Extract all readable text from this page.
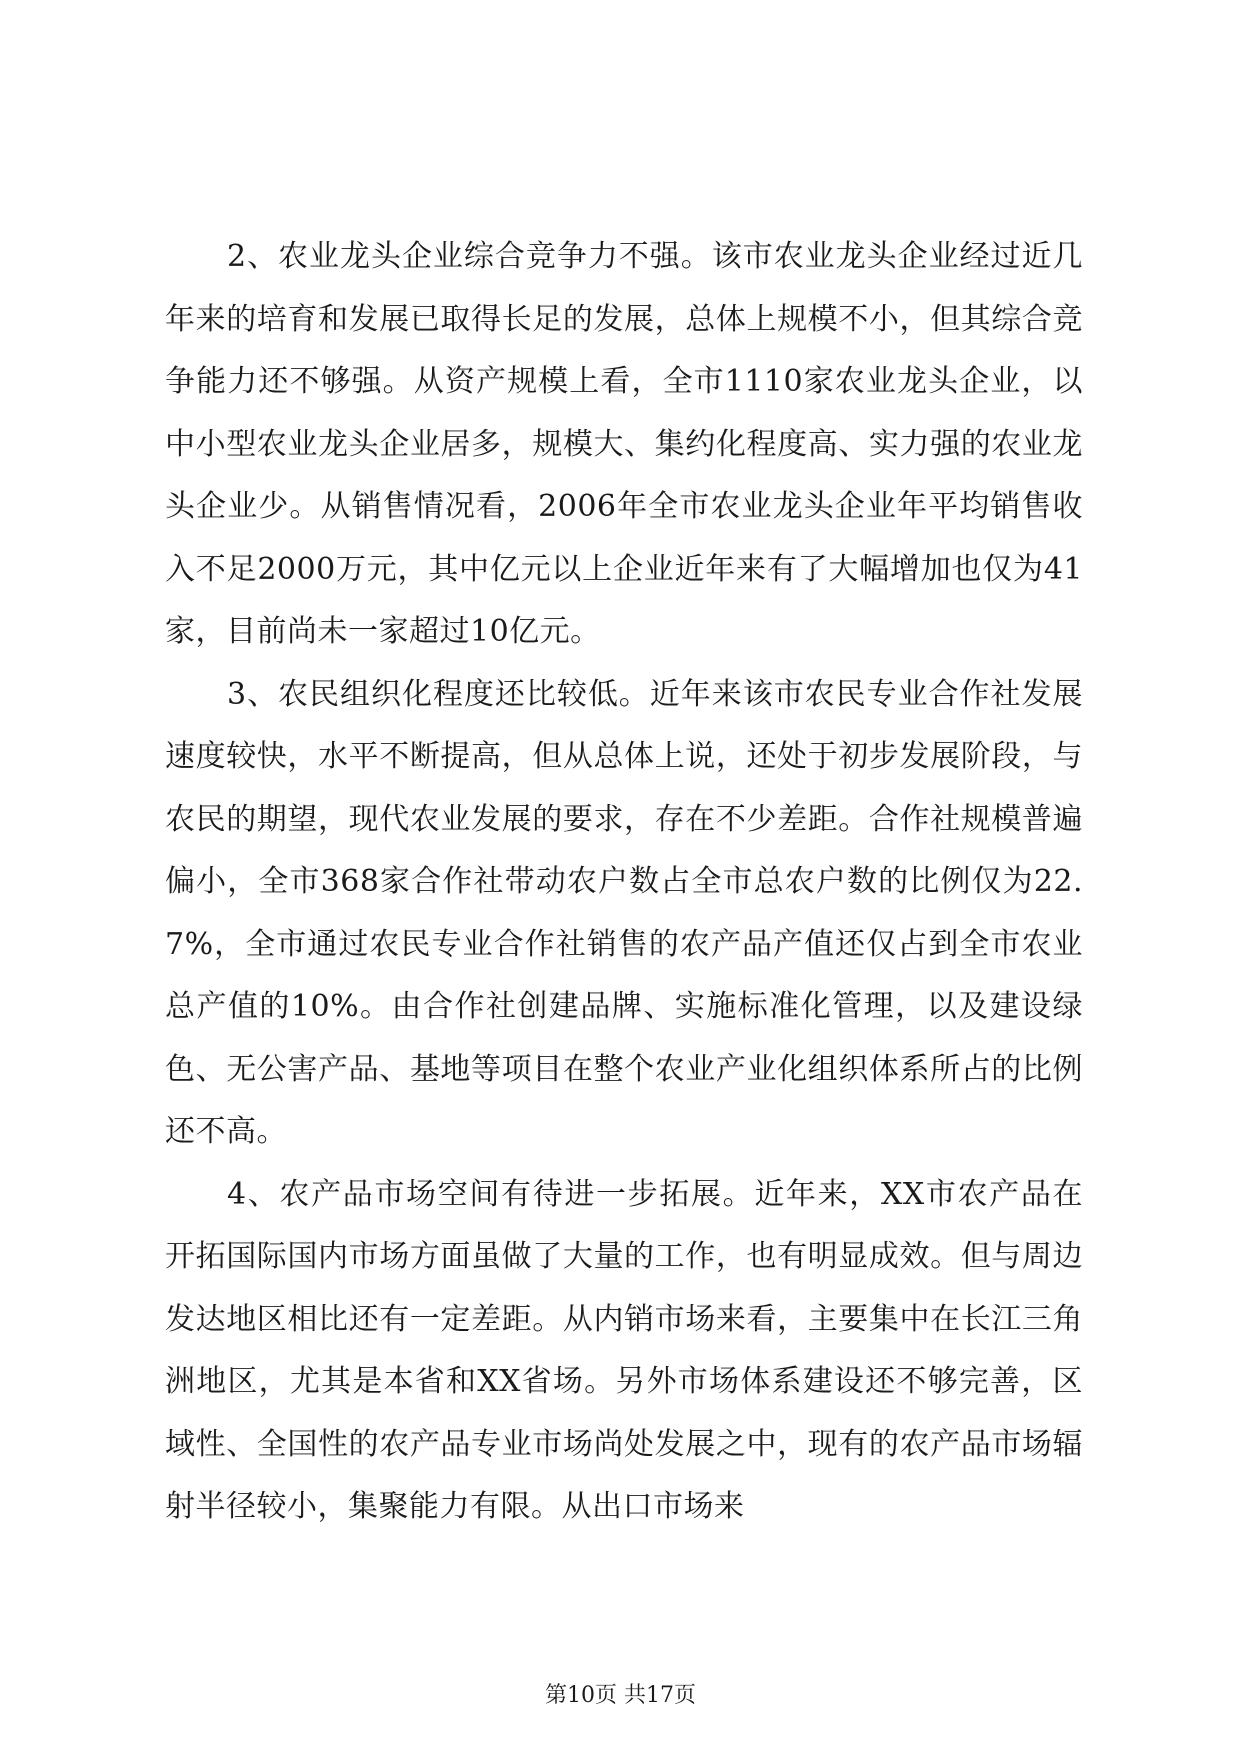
2、农业龙头企业综合竞争力不强。该市农业龙头企业经过近几年来的培育和发展已取得长足的发展，总体上规模不小，但其综合竞争能力还不够强。从资产规模上看，全市1110家农业龙头企业，以中小型农业龙头企业居多，规模大、集约化程度高、实力强的农业龙头企业少。从销售情况看，2006年全市农业龙头企业年平均销售收入不足2000万元，其中亿元以上企业近年来有了大幅增加也仅为41家，目前尚未一家超过10亿元。

3、农民组织化程度还比较低。近年来该市农民专业合作社发展速度较快，水平不断提高，但从总体上说，还处于初步发展阶段，与农民的期望，现代农业发展的要求，存在不少差距。合作社规模普遍偏小，全市368家合作社带动农户数占全市总农户数的比例仅为22.7%，全市通过农民专业合作社销售的农产品产值还仅占到全市农业总产值的10%。由合作社创建品牌、实施标准化管理，以及建设绿色、无公害产品、基地等项目在整个农业产业化组织体系所占的比例还不高。

4、农产品市场空间有待进一步拓展。近年来，XX市农产品在开拓国际国内市场方面虽做了大量的工作，也有明显成效。但与周边发达地区相比还有一定差距。从内销市场来看，主要集中在长江三角洲地区，尤其是本省和XX省场。另外市场体系建设还不够完善，区域性、全国性的农产品专业市场尚处发展之中，现有的农产品市场辐射半径较小，集聚能力有限。从出口市场来

第10页 共17页
